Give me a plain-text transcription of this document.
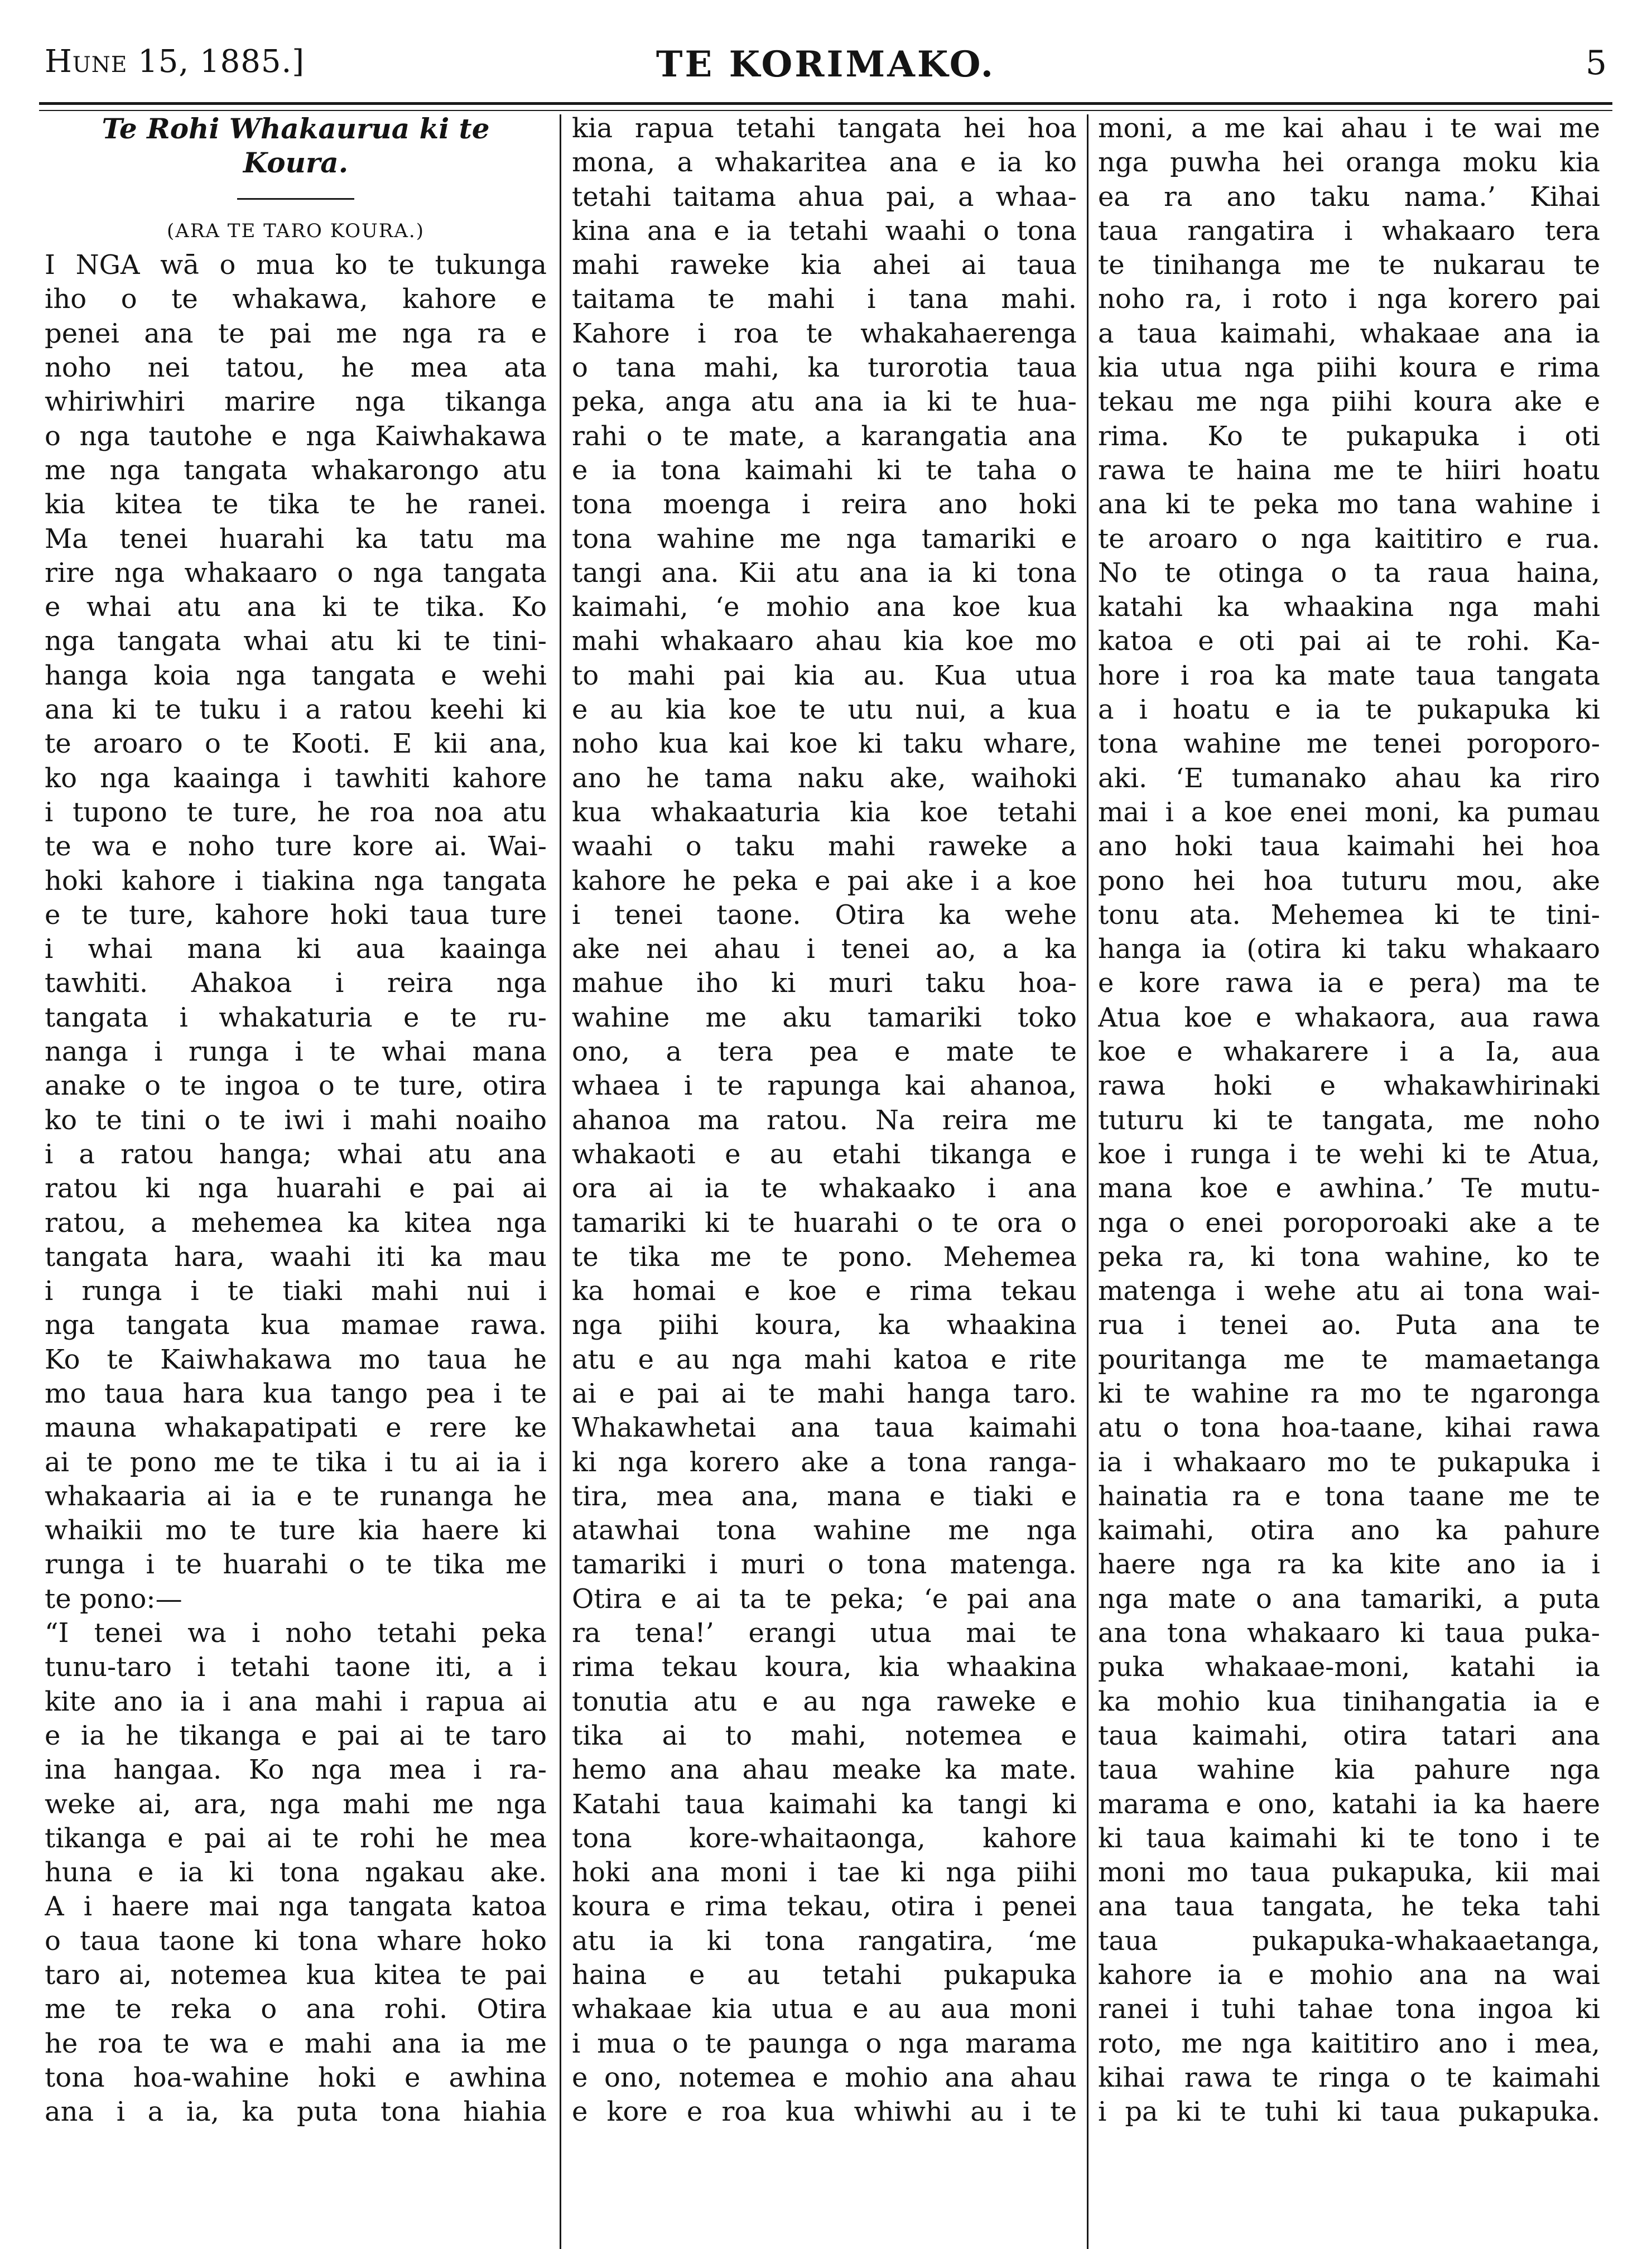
Hune 15, 1885.]	TE KORIMAKO.	5
Te Rohi Whakaurua ki te
Koura.
(ARA TE TARO KOURA.)
I NGA wā o mua ko te tukunga
iho o te whakawa, kahore e
penei ana te pai me nga ra e
noho nei tatou, he mea ata
whiriwhiri marire nga tikanga
o nga tautohe e nga Kaiwhakawa
me nga tangata whakarongo atu
kia kitea te tika te he ranei.
Ma tenei huarahi ka tatu ma
rire nga whakaaro o nga tangata
e whai atu ana ki te tika. Ko
nga tangata whai atu ki te tini-
hanga koia nga tangata e wehi
ana ki te tuku i a ratou keehi ki
te aroaro o te Kooti. E kii ana,
ko nga kaainga i tawhiti kahore
i tupono te ture, he roa noa atu
te wa e noho ture kore ai. Wai-
hoki kahore i tiakina nga tangata
e te ture, kahore hoki taua ture
i whai mana ki aua kaainga
tawhiti. Ahakoa i reira nga
tangata i whakaturia e te ru-
nanga i runga i te whai mana
anake o te ingoa o te ture, otira
ko te tini o te iwi i mahi noaiho
i a ratou hanga; whai atu ana
ratou ki nga huarahi e pai ai
ratou, a mehemea ka kitea nga
tangata hara, waahi iti ka mau
i runga i te tiaki mahi nui i
nga tangata kua mamae rawa.
Ko te Kaiwhakawa mo taua he
mo taua hara kua tango pea i te
mauna whakapatipati e rere ke
ai te pono me te tika i tu ai ia i
whakaaria ai ia e te runanga he
whaikii mo te ture kia haere ki
runga i te huarahi o te tika me
te pono:—
“I tenei wa i noho tetahi peka
tunu-taro i tetahi taone iti, a i
kite ano ia i ana mahi i rapua ai
e ia he tikanga e pai ai te taro
ina hangaa. Ko nga mea i ra-
weke ai, ara, nga mahi me nga
tikanga e pai ai te rohi he mea
huna e ia ki tona ngakau ake.
A i haere mai nga tangata katoa
o taua taone ki tona whare hoko
taro ai, notemea kua kitea te pai
me te reka o ana rohi. Otira
he roa te wa e mahi ana ia me
tona hoa-wahine hoki e awhina
ana i a ia, ka puta tona hiahia
kia rapua tetahi tangata hei hoa
mona, a whakaritea ana e ia ko
tetahi taitama ahua pai, a whaa-
kina ana e ia tetahi waahi o tona
mahi raweke kia ahei ai taua
taitama te mahi i tana mahi.
Kahore i roa te whakahaerenga
o tana mahi, ka turorotia taua
peka, anga atu ana ia ki te hua-
rahi o te mate, a karangatia ana
e ia tona kaimahi ki te taha o
tona moenga i reira ano hoki
tona wahine me nga tamariki e
tangi ana. Kii atu ana ia ki tona
kaimahi, ‘e mohio ana koe kua
mahi whakaaro ahau kia koe mo
to mahi pai kia au. Kua utua
e au kia koe te utu nui, a kua
noho kua kai koe ki taku whare,
ano he tama naku ake, waihoki
kua whakaaturia kia koe tetahi
waahi o taku mahi raweke a
kahore he peka e pai ake i a koe
i tenei taone. Otira ka wehe
ake nei ahau i tenei ao, a ka
mahue iho ki muri taku hoa-
wahine me aku tamariki toko
ono, a tera pea e mate te
whaea i te rapunga kai ahanoa,
ahanoa ma ratou. Na reira me
whakaoti e au etahi tikanga e
ora ai ia te whakaako i ana
tamariki ki te huarahi o te ora o
te tika me te pono. Mehemea
ka homai e koe e rima tekau
nga piihi koura, ka whaakina
atu e au nga mahi katoa e rite
ai e pai ai te mahi hanga taro.
Whakawhetai ana taua kaimahi
ki nga korero ake a tona ranga-
tira, mea ana, mana e tiaki e
atawhai tona wahine me nga
tamariki i muri o tona matenga.
Otira e ai ta te peka; ‘e pai ana
ra tena!’ erangi utua mai te
rima tekau koura, kia whaakina
tonutia atu e au nga raweke e
tika ai to mahi, notemea e
hemo ana ahau meake ka mate.
Katahi taua kaimahi ka tangi ki
tona kore-whaitaonga, kahore
hoki ana moni i tae ki nga piihi
koura e rima tekau, otira i penei
atu ia ki tona rangatira, ‘me
haina e au tetahi pukapuka
whakaae kia utua e au aua moni
i mua o te paunga o nga marama
e ono, notemea e mohio ana ahau
e kore e roa kua whiwhi au i te
moni, a me kai ahau i te wai me
nga puwha hei oranga moku kia
ea ra ano taku nama.’ Kihai
taua rangatira i whakaaro tera
te tinihanga me te nukarau te
noho ra, i roto i nga korero pai
a taua kaimahi, whakaae ana ia
kia utua nga piihi koura e rima
tekau me nga piihi koura ake e
rima. Ko te pukapuka i oti
rawa te haina me te hiiri hoatu
ana ki te peka mo tana wahine i
te aroaro o nga kaititiro e rua.
No te otinga o ta raua haina,
katahi ka whaakina nga mahi
katoa e oti pai ai te rohi. Ka-
hore i roa ka mate taua tangata
a i hoatu e ia te pukapuka ki
tona wahine me tenei poroporo-
aki. ‘E tumanako ahau ka riro
mai i a koe enei moni, ka pumau
ano hoki taua kaimahi hei hoa
pono hei hoa tuturu mou, ake
tonu ata. Mehemea ki te tini-
hanga ia (otira ki taku whakaaro
e kore rawa ia e pera) ma te
Atua koe e whakaora, aua rawa
koe e whakarere i a Ia, aua
rawa hoki e whakawhirinaki
tuturu ki te tangata, me noho
koe i runga i te wehi ki te Atua,
mana koe e awhina.’ Te mutu-
nga o enei poroporoaki ake a te
peka ra, ki tona wahine, ko te
matenga i wehe atu ai tona wai-
rua i tenei ao. Puta ana te
pouritanga me te mamaetanga
ki te wahine ra mo te ngaronga
atu o tona hoa-taane, kihai rawa
ia i whakaaro mo te pukapuka i
hainatia ra e tona taane me te
kaimahi, otira ano ka pahure
haere nga ra ka kite ano ia i
nga mate o ana tamariki, a puta
ana tona whakaaro ki taua puka-
puka whakaae-moni, katahi ia
ka mohio kua tinihangatia ia e
taua kaimahi, otira tatari ana
taua wahine kia pahure nga
marama e ono, katahi ia ka haere
ki taua kaimahi ki te tono i te
moni mo taua pukapuka, kii mai
ana taua tangata, he teka tahi
taua pukapuka-whakaaetanga,
kahore ia e mohio ana na wai
ranei i tuhi tahae tona ingoa ki
roto, me nga kaititiro ano i mea,
kihai rawa te ringa o te kaimahi
i pa ki te tuhi ki taua pukapuka.
